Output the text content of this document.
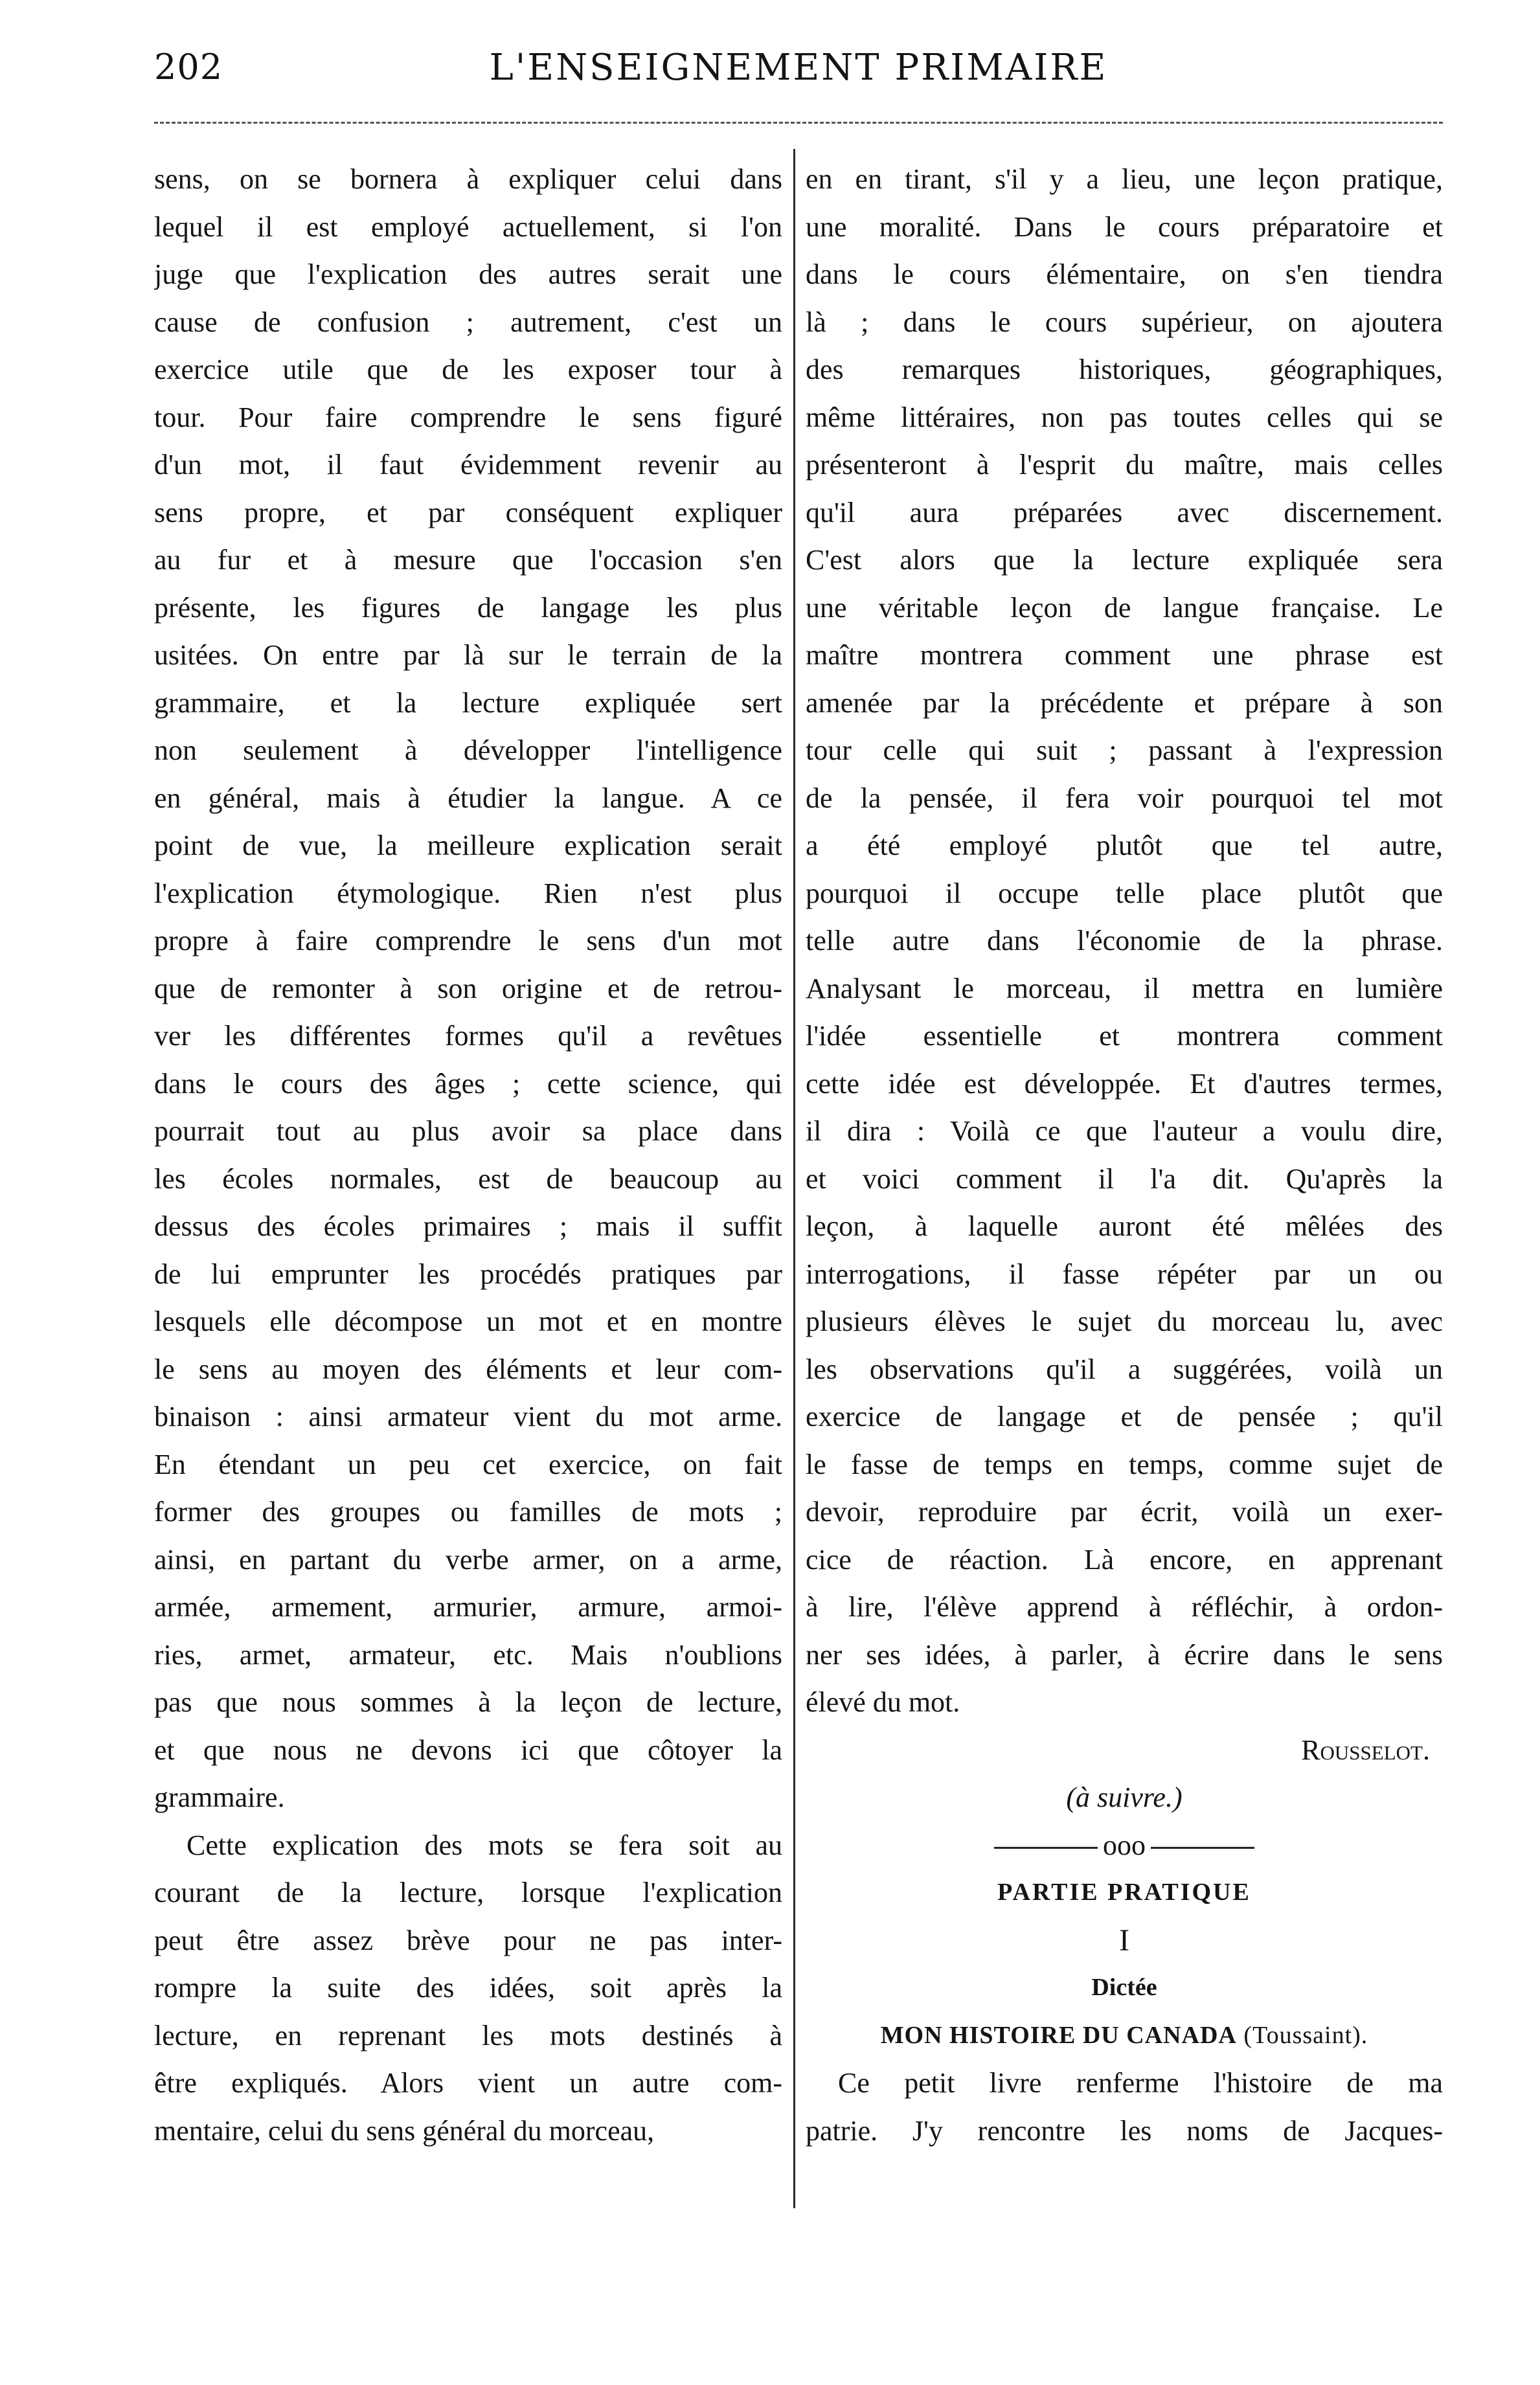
202	L'ENSEIGNEMENT PRIMAIRE
sens, on se bornera à expliquer celui dans
lequel il est employé actuellement, si l'on
juge que l'explication des autres serait une
cause de confusion ; autrement, c'est un
exercice utile que de les exposer tour à
tour. Pour faire comprendre le sens figuré
d'un mot, il faut évidemment revenir au
sens propre, et par conséquent expliquer
au fur et à mesure que l'occasion s'en
présente, les figures de langage les plus
usitées. On entre par là sur le terrain de la
grammaire, et la lecture expliquée sert
non seulement à développer l'intelligence
en général, mais à étudier la langue. A ce
point de vue, la meilleure explication serait
l'explication étymologique. Rien n'est plus
propre à faire comprendre le sens d'un mot
que de remonter à son origine et de retrou-
ver les différentes formes qu'il a revêtues
dans le cours des âges ; cette science, qui
pourrait tout au plus avoir sa place dans
les écoles normales, est de beaucoup au
dessus des écoles primaires ; mais il suffit
de lui emprunter les procédés pratiques par
lesquels elle décompose un mot et en montre
le sens au moyen des éléments et leur com-
binaison : ainsi armateur vient du mot arme.
En étendant un peu cet exercice, on fait
former des groupes ou familles de mots ;
ainsi, en partant du verbe armer, on a arme,
armée, armement, armurier, armure, armoi-
ries, armet, armateur, etc. Mais n'oublions
pas que nous sommes à la leçon de lecture,
et que nous ne devons ici que côtoyer la
grammaire.
Cette explication des mots se fera soit au
courant de la lecture, lorsque l'explication
peut être assez brève pour ne pas inter-
rompre la suite des idées, soit après la
lecture, en reprenant les mots destinés à
être expliqués. Alors vient un autre com-
mentaire, celui du sens général du morceau,
en en tirant, s'il y a lieu, une leçon pratique,
une moralité. Dans le cours préparatoire et
dans le cours élémentaire, on s'en tiendra
là ; dans le cours supérieur, on ajoutera
des remarques historiques, géographiques,
même littéraires, non pas toutes celles qui se
présenteront à l'esprit du maître, mais celles
qu'il aura préparées avec discernement.
C'est alors que la lecture expliquée sera
une véritable leçon de langue française. Le
maître montrera comment une phrase est
amenée par la précédente et prépare à son
tour celle qui suit ; passant à l'expression
de la pensée, il fera voir pourquoi tel mot
a été employé plutôt que tel autre,
pourquoi il occupe telle place plutôt que
telle autre dans l'économie de la phrase.
Analysant le morceau, il mettra en lumière
l'idée essentielle et montrera comment
cette idée est développée. Et d'autres termes,
il dira : Voilà ce que l'auteur a voulu dire,
et voici comment il l'a dit. Qu'après la
leçon, à laquelle auront été mêlées des
interrogations, il fasse répéter par un ou
plusieurs élèves le sujet du morceau lu, avec
les observations qu'il a suggérées, voilà un
exercice de langage et de pensée ; qu'il
le fasse de temps en temps, comme sujet de
devoir, reproduire par écrit, voilà un exer-
cice de réaction. Là encore, en apprenant
à lire, l'élève apprend à réfléchir, à ordon-
ner ses idées, à parler, à écrire dans le sens
élevé du mot.
Rousselot.
(à suivre.)
ooo
PARTIE PRATIQUE
I
Dictée
MON HISTOIRE DU CANADA (Toussaint).
Ce petit livre renferme l'histoire de ma
patrie. J'y rencontre les noms de Jacques-
